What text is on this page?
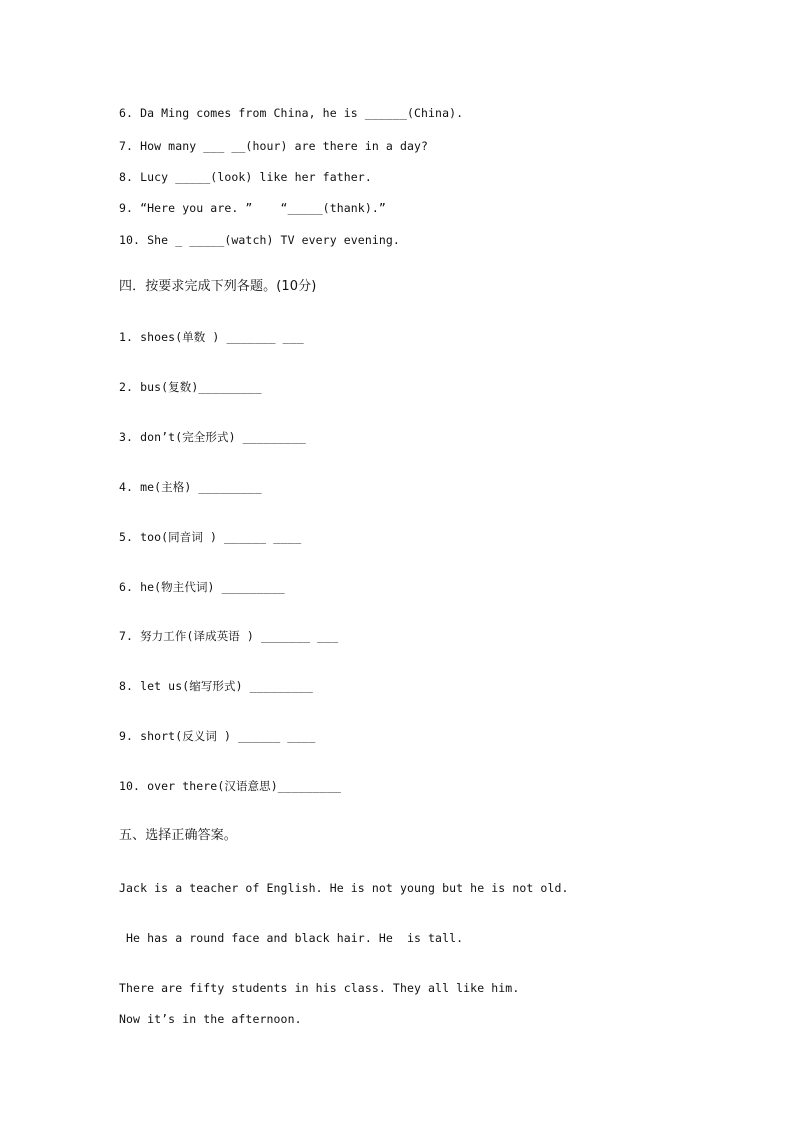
6. Da Ming comes from China, he is ______(China).
7. How many ___ __(hour) are there in a day?
8. Lucy _____(look) like her father.
9. “Here you are. ”    “_____(thank).”
10. She _ _____(watch) TV every evening.
四．按要求完成下列各题。(10分)
1. shoes(单数 ) _______ ___
2. bus(复数)_________
3. don’t(完全形式) _________
4. me(主格) _________
5. too(同音词 ) ______ ____
6. he(物主代词) _________
7. 努力工作(译成英语 ) _______ ___
8. let us(缩写形式) _________
9. short(反义词 ) ______ ____
10. over there(汉语意思)_________
五、选择正确答案。
Jack is a teacher of English. He is not young but he is not old.
He has a round face and black hair. He  is tall.
There are fifty students in his class. They all like him.
Now it’s in the afternoon.
